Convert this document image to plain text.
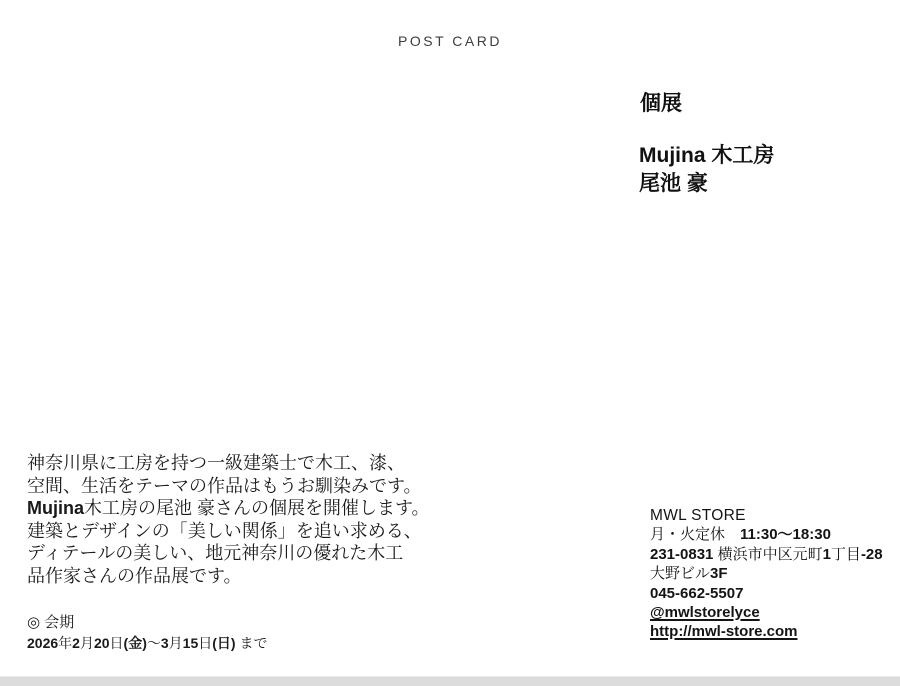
POST CARD
個展
Mujina 木工房
尾池 豪
神奈川県に工房を持つ一級建築士で木工、漆、
空間、生活をテーマの作品はもうお馴染みです。
Mujina木工房の尾池 豪さんの個展を開催します。
建築とデザインの「美しい関係」を追い求める、
ディテールの美しい、地元神奈川の優れた木工
品作家さんの作品展です。
◎ 会期
2026年2月20日(金)〜3月15日(日) まで
MWL STORE
月・火定休　11:30〜18:30
231-0831 横浜市中区元町1丁目-28
大野ビル3F
045-662-5507
@mwlstorelyce
http://mwl-store.com
